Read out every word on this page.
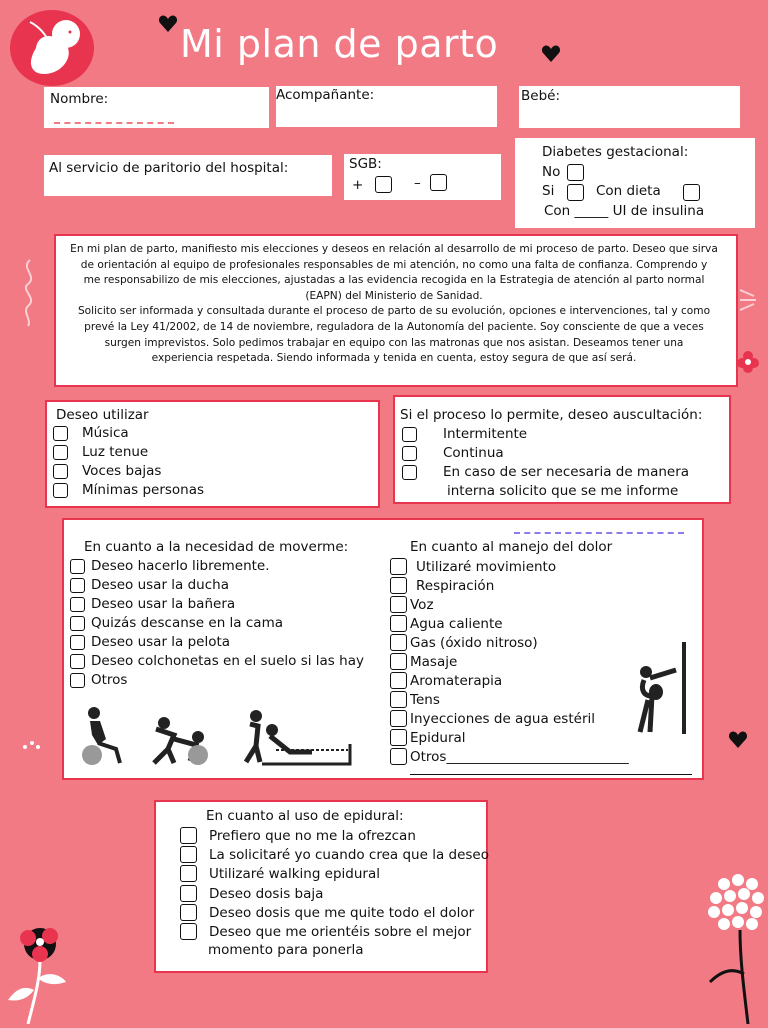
Mi plan de parto
Nombre:	Acompañante:	Bebé:
Al servicio de paritorio del hospital:	SGB:
+	–
Diabetes gestacional:
No
Si	Con dieta
Con _____ UI de insulina
En mi plan de parto, manifiesto mis elecciones y deseos en relación al desarrollo de mi proceso de parto. Deseo que sirva
de orientación al equipo de profesionales responsables de mi atención, no como una falta de confianza. Comprendo y
me responsabilizo de mis elecciones, ajustadas a las evidencia recogida en la Estrategia de atención al parto normal
(EAPN) del Ministerio de Sanidad.
Solicito ser informada y consultada durante el proceso de parto de su evolución, opciones e intervenciones, tal y como
prevé la Ley 41/2002, de 14 de noviembre, reguladora de la Autonomía del paciente. Soy consciente de que a veces
surgen imprevistos. Solo pedimos trabajar en equipo con las matronas que nos asistan. Deseamos tener una
experiencia respetada. Siendo informada y tenida en cuenta, estoy segura de que así será.
Deseo utilizar
Música
Luz tenue
Voces bajas
Mínimas personas
Si el proceso lo permite, deseo auscultación:
Intermitente
Continua
En caso de ser necesaria de manera
interna solicito que se me informe
En cuanto a la necesidad de moverme:
Deseo hacerlo libremente.
Deseo usar la ducha
Deseo usar la bañera
Quizás descanse en la cama
Deseo usar la pelota
Deseo colchonetas en el suelo si las hay
Otros
En cuanto al manejo del dolor
Utilizaré movimiento
Respiración
Voz
Agua caliente
Gas (óxido nitroso)
Masaje
Aromaterapia
Tens
Inyecciones de agua estéril
Epidural
Otros___________________________
En cuanto al uso de epidural:
Prefiero que no me la ofrezcan
La solicitaré yo cuando crea que la deseo
Utilizaré walking epidural
Deseo dosis baja
Deseo dosis que me quite todo el dolor
Deseo que me orientéis sobre el mejor
momento para ponerla
